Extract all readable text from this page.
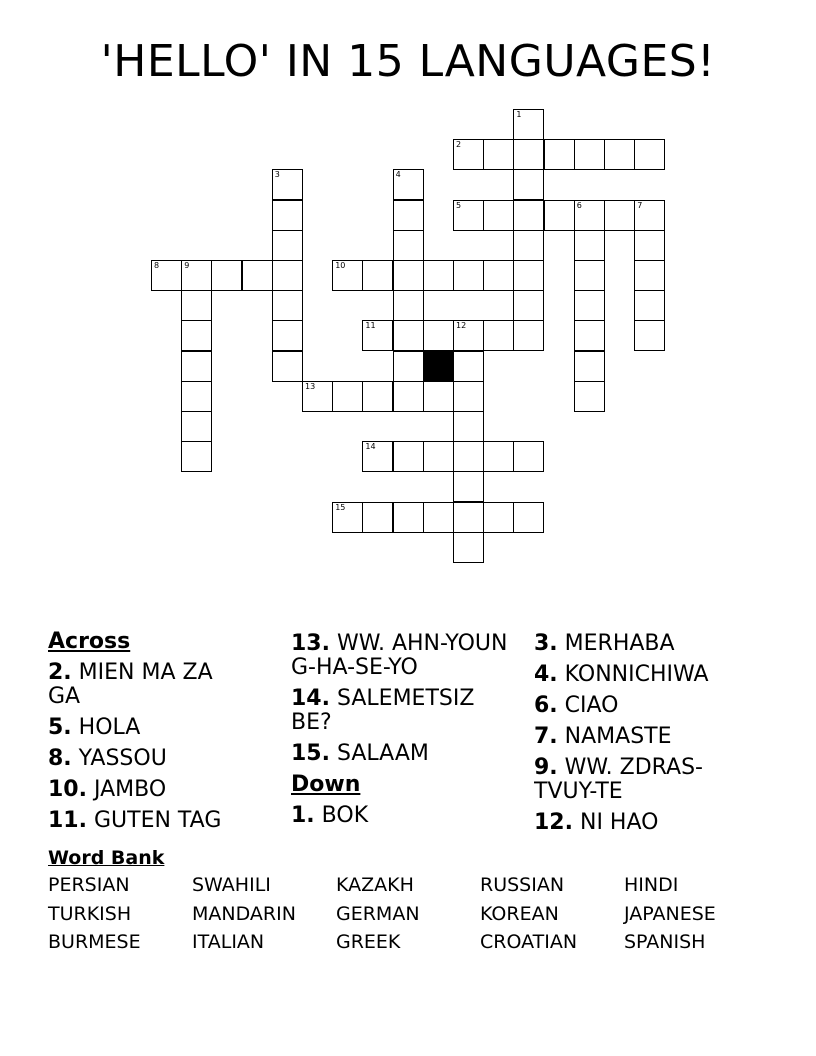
'HELLO' IN 15 LANGUAGES!
1
2
3	4
5	6	7
8	9	10
11	12
13
14
15
Across
2. MIEN MA ZA GA
5. HOLA
8. YASSOU
10. JAMBO
11. GUTEN TAG
13. WW. AHN-YOUNG-HA-SE-YO
14. SALEMETSIZ BE?
15. SALAAM
Down
1. BOK
3. MERHABA
4. KONNICHIWA
6. CIAO
7. NAMASTE
9. WW. ZDRAS-TVUY-TE
12. NI HAO
Word Bank
PERSIAN	SWAHILI	KAZAKH	RUSSIAN	HINDI
TURKISH	MANDARIN	GERMAN	KOREAN	JAPANESE
BURMESE	ITALIAN	GREEK	CROATIAN	SPANISH
